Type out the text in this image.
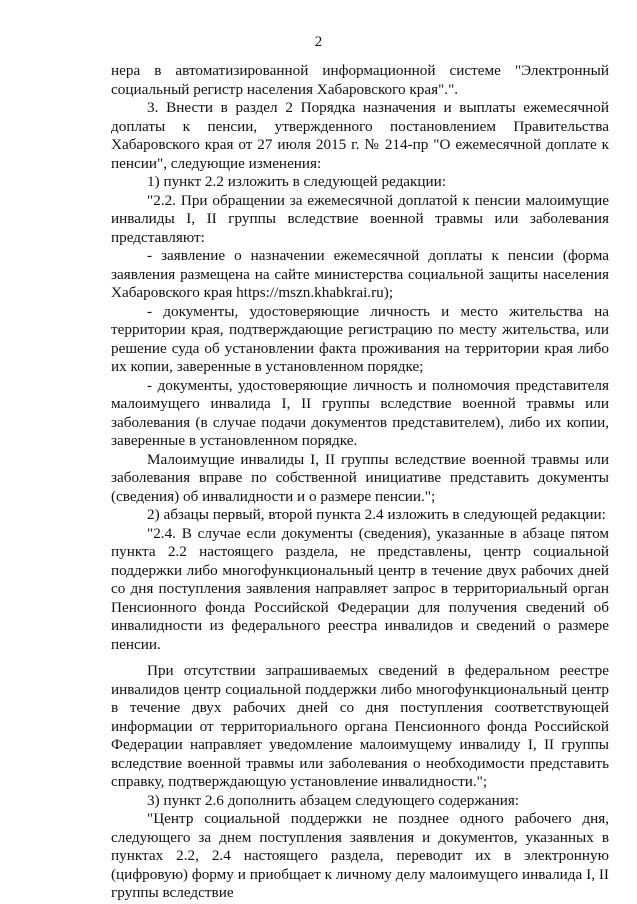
2

нера в автоматизированной информационной системе "Электронный социальный регистр населения Хабаровского края".".

3. Внести в раздел 2 Порядка назначения и выплаты ежемесячной доплаты к пенсии, утвержденного постановлением Правительства Хабаровского края от 27 июля 2015 г. № 214-пр "О ежемесячной доплате к пенсии", следующие изменения:

1) пункт 2.2 изложить в следующей редакции:

"2.2. При обращении за ежемесячной доплатой к пенсии малоимущие инвалиды I, II группы вследствие военной травмы или заболевания представляют:

- заявление о назначении ежемесячной доплаты к пенсии (форма заявления размещена на сайте министерства социальной защиты населения Хабаровского края https://mszn.khabkrai.ru);

- документы, удостоверяющие личность и место жительства на территории края, подтверждающие регистрацию по месту жительства, или решение суда об установлении факта проживания на территории края либо их копии, заверенные в установленном порядке;

- документы, удостоверяющие личность и полномочия представителя малоимущего инвалида I, II группы вследствие военной травмы или заболевания (в случае подачи документов представителем), либо их копии, заверенные в установленном порядке.

Малоимущие инвалиды I, II группы вследствие военной травмы или заболевания вправе по собственной инициативе представить документы (сведения) об инвалидности и о размере пенсии.";

2) абзацы первый, второй пункта 2.4 изложить в следующей редакции:

"2.4. В случае если документы (сведения), указанные в абзаце пятом пункта 2.2 настоящего раздела, не представлены, центр социальной поддержки либо многофункциональный центр в течение двух рабочих дней со дня поступления заявления направляет запрос в территориальный орган Пенсионного фонда Российской Федерации для получения сведений об инвалидности из федерального реестра инвалидов и сведений о размере пенсии.

При отсутствии запрашиваемых сведений в федеральном реестре инвалидов центр социальной поддержки либо многофункциональный центр в течение двух рабочих дней со дня поступления соответствующей информации от территориального органа Пенсионного фонда Российской Федерации направляет уведомление малоимущему инвалиду I, II группы вследствие военной травмы или заболевания о необходимости представить справку, подтверждающую установление инвалидности.";

3) пункт 2.6 дополнить абзацем следующего содержания:

"Центр социальной поддержки не позднее одного рабочего дня, следующего за днем поступления заявления и документов, указанных в пунктах 2.2, 2.4 настоящего раздела, переводит их в электронную (цифровую) форму и приобщает к личному делу малоимущего инвалида I, II группы вследствие
